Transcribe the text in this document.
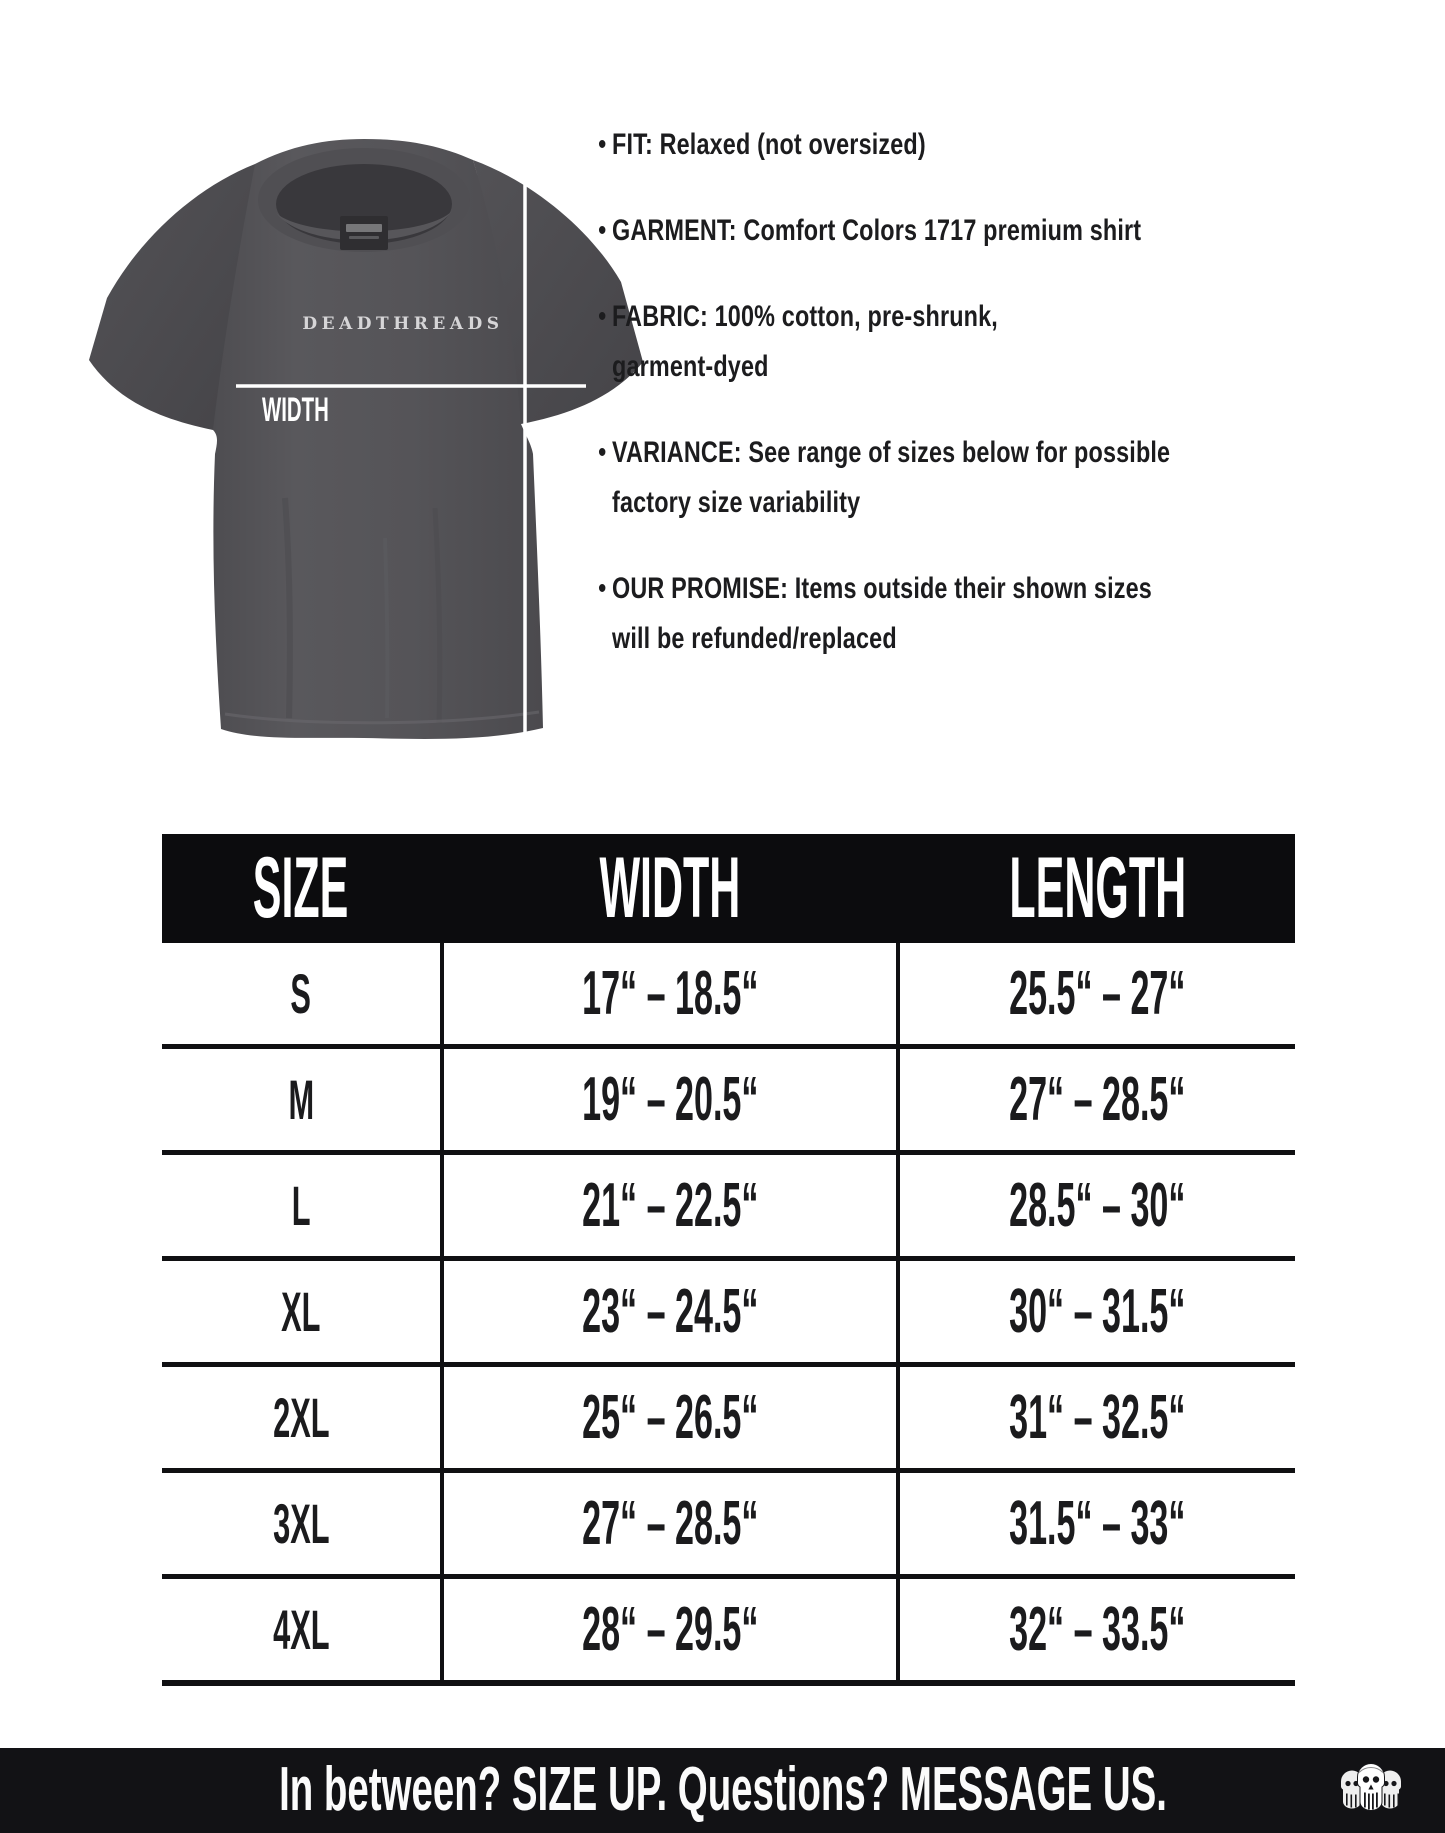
DEADTHREADS
WIDTH
LENGTH
• FIT: Relaxed (not oversized)
• GARMENT: Comfort Colors 1717 premium shirt
• FABRIC: 100% cotton, pre-shrunk,
garment-dyed
• VARIANCE: See range of sizes below for possible
factory size variability
• OUR PROMISE: Items outside their shown sizes
will be refunded/replaced
SIZE	WIDTH	LENGTH
S	17“ – 18.5“	25.5“ – 27“
M	19“ – 20.5“	27“ – 28.5“
L	21“ – 22.5“	28.5“ – 30“
XL	23“ – 24.5“	30“ – 31.5“
2XL	25“ – 26.5“	31“ – 32.5“
3XL	27“ – 28.5“	31.5“ – 33“
4XL	28“ – 29.5“	32“ – 33.5“
In between? SIZE UP. Questions? MESSAGE US.
